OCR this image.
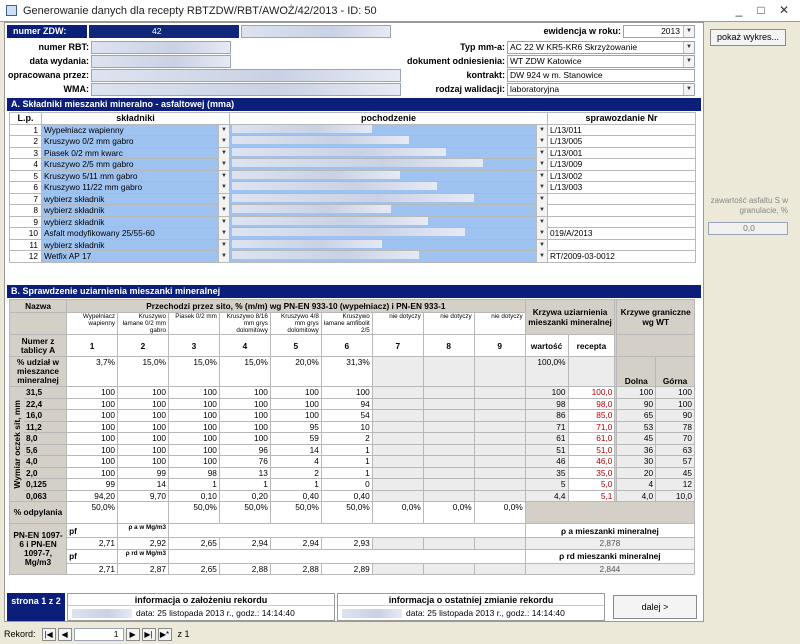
Generowanie danych dla recepty RBTZDW/RBT/AWOŻ/42/2013 - ID: 50	_	□	✕
numer ZDW:	42	ewidencja w roku:	2013	▼
numer RBT:
data wydania:
opracowana przez:
WMA:
Typ mm-a: AC 22 W KR5-KR6 Skrzyżowanie	▼
dokument odniesienia: WT ZDW Katowice	▼
kontrakt: DW 924 w m. Stanowice
rodzaj walidacji: laboratoryjna	▼
A. Składniki mieszanki mineralno - asfaltowej (mma)
L.p.	składniki	pochodzenie	sprawozdanie Nr
1	Wypełniacz wapienny ▼	▼	L/13/011
2	Kruszywo 0/2 mm gabro ▼	▼	L/13/005
3	Piasek 0/2 mm kwarc ▼	▼	L/13/001
4	Kruszywo 2/5 mm gabro ▼	▼	L/13/009
5	Kruszywo 5/11 mm gabro ▼	▼	L/13/002
6	Kruszywo 11/22 mm gabro ▼	▼	L/13/003
7	wybierz składnik ▼	▼	

8	wybierz składnik ▼	▼	

9	wybierz składnik ▼	▼	

10	Asfalt modyfikowany 25/55-60 ▼	▼	019/A/2013
11	wybierz składnik ▼	▼	

12	Wetfix AP 17 ▼	▼	RT/2009-03-0012
B. Sprawdzenie uziarnienia mieszanki mineralnej
Nazwa	Przechodzi przez sito, % (m/m) wg PN-EN 933-10 (wypełniacz) i PN-EN 933-1									Krzywa uziarnienia mieszanki mineralnej			Krzywe graniczne wg WT	
	Wypełniacz wapienny	Kruszywo łamane 0/2 mm gabro	Piasek 0/2 mm	Kruszywo 8/16 mm grys dolomitowy	Kruszywo 4/8 mm grys dolomitowy	Kruszywo łamane amfibolit 2/5	nie dotyczy	nie dotyczy	nie dotyczy					
Numer z tablicy A	1	2	3	4	5	6	7	8	9	wartość	recepta			
% udział w mieszance mineralnej	3,7%	15,0%	15,0%	15,0%	20,0%	31,3%				100,0%			Dolna	Górna

Wymiar oczek sit, mm
31,5	100	100	100	100	100	100				100	100,0		100	100

22,4	100	100	100	100	100	94				98	98,0		90	100

16,0	100	100	100	100	100	54				86	85,0		65	90

11,2	100	100	100	100	95	10				71	71,0		53	78

8,0	100	100	100	100	59	2				61	61,0		45	70

5,6	100	100	100	96	14	1				51	51,0		36	63

4,0	100	100	100	76	4	1				46	46,0		30	57

2,0	100	99	98	13	2	1				35	35,0		20	45

0,125	99	14	1	1	1	0				5	5,0		4	12

0,063	94,20	9,70	0,10	0,20	0,40	0,40				4,4	5,1		4,0	10,0
% odpylania	50,0%		50,0%	50,0%	50,0%	50,0%	0,0%	0,0%	0,0%					
PN-EN 1097-6 i PN-EN 1097-7, Mg/m3	pf	ρ a w Mg/m3								ρ a mieszanki mineralnej				
	2,71	2,92	2,65	2,94	2,94	2,93				2,878				
	pf	ρ rd w Mg/m3								ρ rd mieszanki mineralnej				
	2,71	2,87	2,65	2,88	2,88	2,89				2,844				
strona 1 z 2	informacja o założeniu rekordu
data: 25 listopada 2013 r., godz.: 14:14:40
informacja o ostatniej zmianie rekordu
data: 25 listopada 2013 r., godz.: 14:14:40
dalej >
pokaż wykres...
zawartość asfaltu S w granulacie, %
0,0
Rekord:	|◀	◀	1	▶	▶| ▶* z 1
